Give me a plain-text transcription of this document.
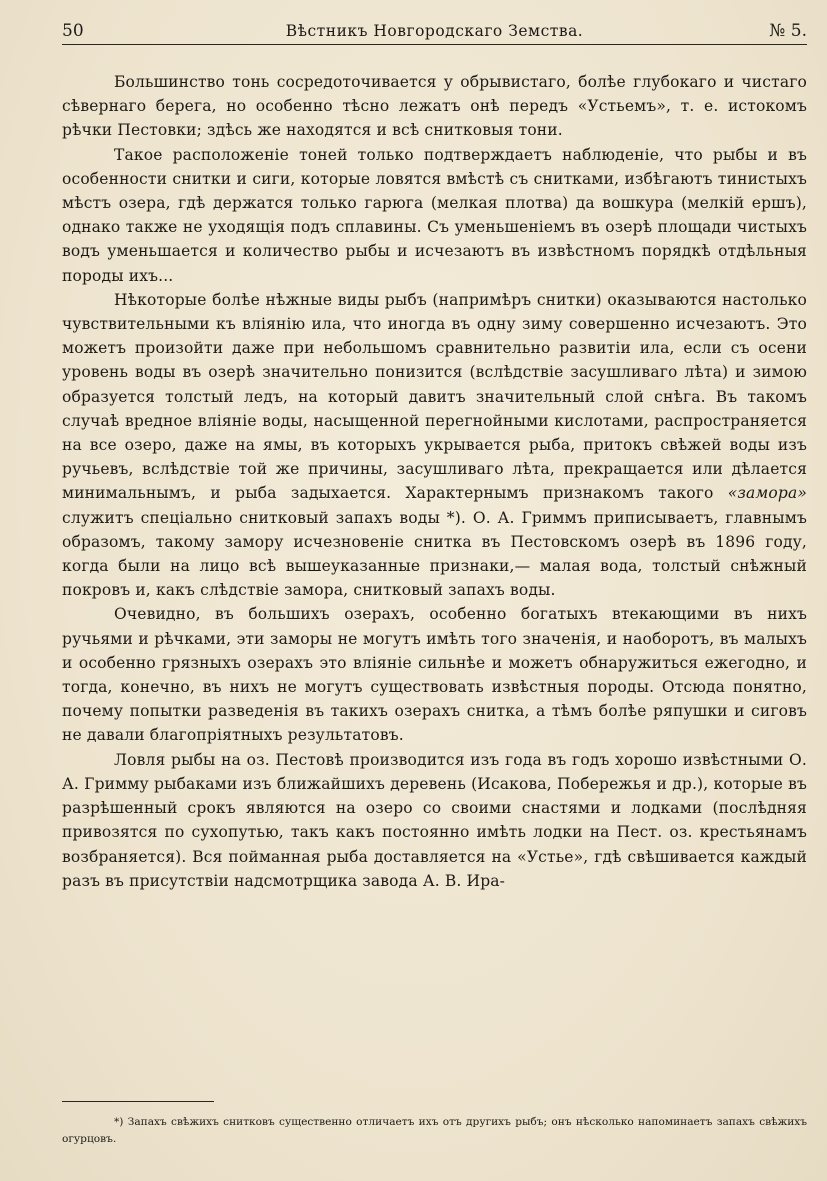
50	Вѣстникъ Новгородскаго Земства.	№ 5.

Большинство тонь сосредоточивается у обрывистаго, болѣе глубокаго и чистаго сѣвернаго берега, но особенно тѣсно лежатъ онѣ передъ «Устьемъ», т. е. истокомъ рѣчки Пестовки; здѣсь же находятся и всѣ снитковыя тони.

Такое расположеніе тоней только подтверждаетъ наблюденіе, что рыбы и въ особенности снитки и сиги, которые ловятся вмѣстѣ съ снитками, избѣгаютъ тинистыхъ мѣстъ озера, гдѣ держатся только гарюга (мелкая плотва) да вошкура (мелкій ершъ), однако также не уходящія подъ сплавины. Съ уменьшеніемъ въ озерѣ площади чистыхъ водъ уменьшается и количество рыбы и исчезаютъ въ извѣстномъ порядкѣ отдѣльныя породы ихъ...

Нѣкоторые болѣе нѣжные виды рыбъ (напримѣръ снитки) оказываются настолько чувствительными къ вліянію ила, что иногда въ одну зиму совершенно исчезаютъ. Это можетъ произойти даже при небольшомъ сравнительно развитіи ила, если съ осени уровень воды въ озерѣ значительно понизится (вслѣдствіе засушливаго лѣта) и зимою образуется толстый ледъ, на который давитъ значительный слой снѣга. Въ такомъ случаѣ вредное вліяніе воды, насыщенной перегнойными кислотами, распространяется на все озеро, даже на ямы, въ которыхъ укрывается рыба, притокъ свѣжей воды изъ ручьевъ, вслѣдствіе той же причины, засушливаго лѣта, прекращается или дѣлается минимальнымъ, и рыба задыхается. Характернымъ признакомъ такого «замора» служитъ спеціально снитковый запахъ воды *). О. А. Гриммъ приписываетъ, главнымъ образомъ, такому замору исчезновеніе снитка въ Пестовскомъ озерѣ въ 1896 году, когда были на лицо всѣ вышеуказанные признаки,— малая вода, толстый снѣжный покровъ и, какъ слѣдствіе замора, снитковый запахъ воды.

Очевидно, въ большихъ озерахъ, особенно богатыхъ втекающими въ нихъ ручьями и рѣчками, эти заморы не могутъ имѣть того значенія, и наоборотъ, въ малыхъ и особенно грязныхъ озерахъ это вліяніе сильнѣе и можетъ обнаружиться ежегодно, и тогда, конечно, въ нихъ не могутъ существовать извѣстныя породы. Отсюда понятно, почему попытки разведенія въ такихъ озерахъ снитка, а тѣмъ болѣе ряпушки и сиговъ не давали благопріятныхъ результатовъ.

Ловля рыбы на оз. Пестовѣ производится изъ года въ годъ хорошо извѣстными О. А. Гримму рыбаками изъ ближайшихъ деревень (Исакова, Побережья и др.), которые въ разрѣшенный срокъ являются на озеро со своими снастями и лодками (послѣдняя привозятся по сухопутью, такъ какъ постоянно имѣть лодки на Пест. оз. крестьянамъ возбраняется). Вся пойманная рыба доставляется на «Устье», гдѣ свѣшивается каждый разъ въ присутствіи надсмотрщика завода А. В. Ира-

*) Запахъ свѣжихъ снитковъ существенно отличаетъ ихъ отъ другихъ рыбъ; онъ нѣсколько напоминаетъ запахъ свѣжихъ огурцовъ.
